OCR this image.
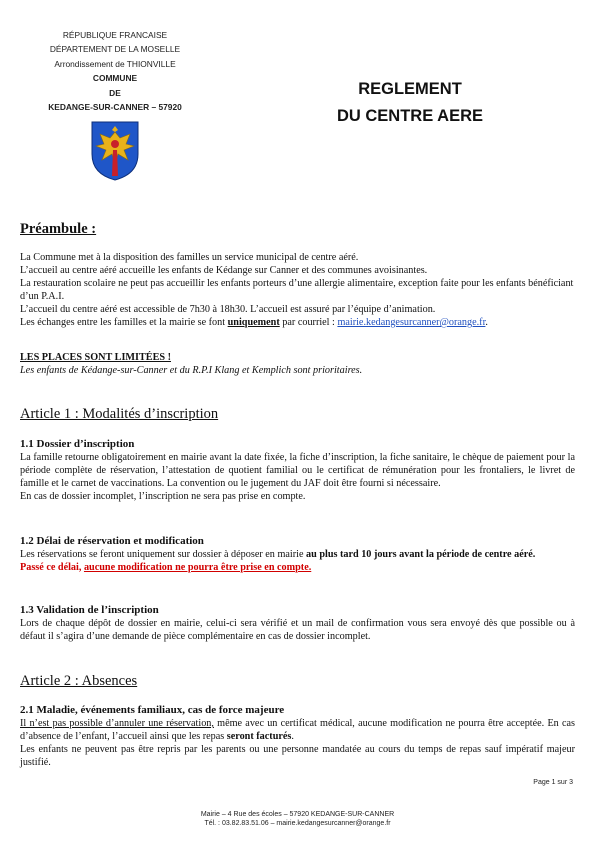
RÉPUBLIQUE FRANCAISE
DÉPARTEMENT DE LA MOSELLE
Arrondissement de THIONVILLE
COMMUNE
DE
KEDANGE-SUR-CANNER – 57920
REGLEMENT
DU CENTRE AERE
Préambule :

La Commune met à la disposition des familles un service municipal de centre aéré.

L’accueil au centre aéré accueille les enfants de Kédange sur Canner et des communes avoisinantes.

La restauration scolaire ne peut pas accueillir les enfants porteurs d’une allergie alimentaire, exception faite pour les enfants bénéficiant d’un P.A.I.

L’accueil du centre aéré est accessible de 7h30 à 18h30. L’accueil est assuré par l’équipe d’animation.

Les échanges entre les familles et la mairie se font uniquement par courriel : mairie.kedangesurcanner@orange.fr.

LES PLACES SONT LIMITÉES !
Les enfants de Kédange-sur-Canner et du R.P.I Klang et Kemplich sont prioritaires.
Article 1 : Modalités d’inscription
1.1 Dossier d’inscription

La famille retourne obligatoirement en mairie avant la date fixée, la fiche d’inscription, la fiche sanitaire, le chèque de paiement pour la période complète de réservation, l’attestation de quotient familial ou le certificat de rémunération pour les frontaliers, le livret de famille et le carnet de vaccinations. La convention ou le jugement du JAF doit être fourni si nécessaire.

En cas de dossier incomplet, l’inscription ne sera pas prise en compte.

1.2 Délai de réservation et modification

Les réservations se feront uniquement sur dossier à déposer en mairie au plus tard 10 jours avant la période de centre aéré.

Passé ce délai, aucune modification ne pourra être prise en compte.

1.3 Validation de l’inscription

Lors de chaque dépôt de dossier en mairie, celui-ci sera vérifié et un mail de confirmation vous sera envoyé dès que possible ou à défaut il s’agira d’une demande de pièce complémentaire en cas de dossier incomplet.

Article 2 : Absences
2.1 Maladie, événements familiaux, cas de force majeure

Il n’est pas possible d’annuler une réservation, même avec un certificat médical, aucune modification ne pourra être acceptée. En cas d’absence de l’enfant, l’accueil ainsi que les repas seront facturés.

Les enfants ne peuvent pas être repris par les parents ou une personne mandatée au cours du temps de repas sauf impératif majeur justifié.

Page 1 sur 3
Mairie – 4 Rue des écoles – 57920 KEDANGE-SUR-CANNER
Tél. : 03.82.83.51.06 – mairie.kedangesurcanner@orange.fr
